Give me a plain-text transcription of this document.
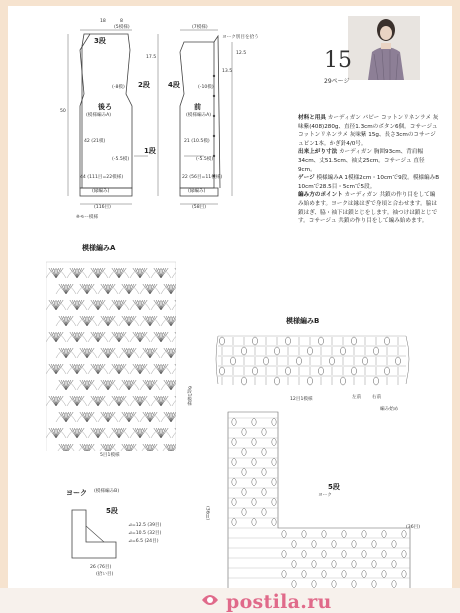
3段
2段	4段
1段
後ろ
(模様編みA)
前
(模様編みA)
44 (111目=22模様)
(縁編み)
(116目)
22 (56目=11模様)
(縁編み)
(58目)
18	8
(5模様)	(7模様)
ヨーク別目を拾う
50
42 (21模)	21 (10.5模)
13.5
17.5
12.5
(-8模)	(-10模)
(-5.5模)	(-5.5模)
※モー模様
15
29ページ

材料と用具 カーディガン パピー コットンリネンラメ 灰味紫(408)280g、直径1.3cmのボタン6個。コサージュ コットンリネンラメ 灰味紫 15g、長さ3cmのコサージュピン1本。かぎ針4/0号。

出来上がり寸法 カーディガン 胸囲93cm、背肩幅34cm、丈51.5cm、袖丈25cm。コサージュ 直径9cm。

ゲージ 模様編みA 1模様2cm・10cmで9段。模様編みB 10cmで28.5目・5cmで5段。

編み方のポイント カーディガン 共鎖の作り目をして編み始めます。ヨークは縁はぎで身頃と合わせます。脇は鎖はぎ、脇・袖下は鎖とじをします。袖つけは鎖とじです。コサージュ 共鎖の作り目をして編み始めます。

模様編みA
6段1模様
5目1模様
模様編みB
12目1模様	左前 右前
編み始め
5段
ヨーク
(36目)
(36目)
ヨーク (模様編みB)
5段
⊿=12.5 (39目)
⊿=10.5 (32目)
⊿=6.5 (24目)
26 (76目)
(拾い目)
postila.ru
